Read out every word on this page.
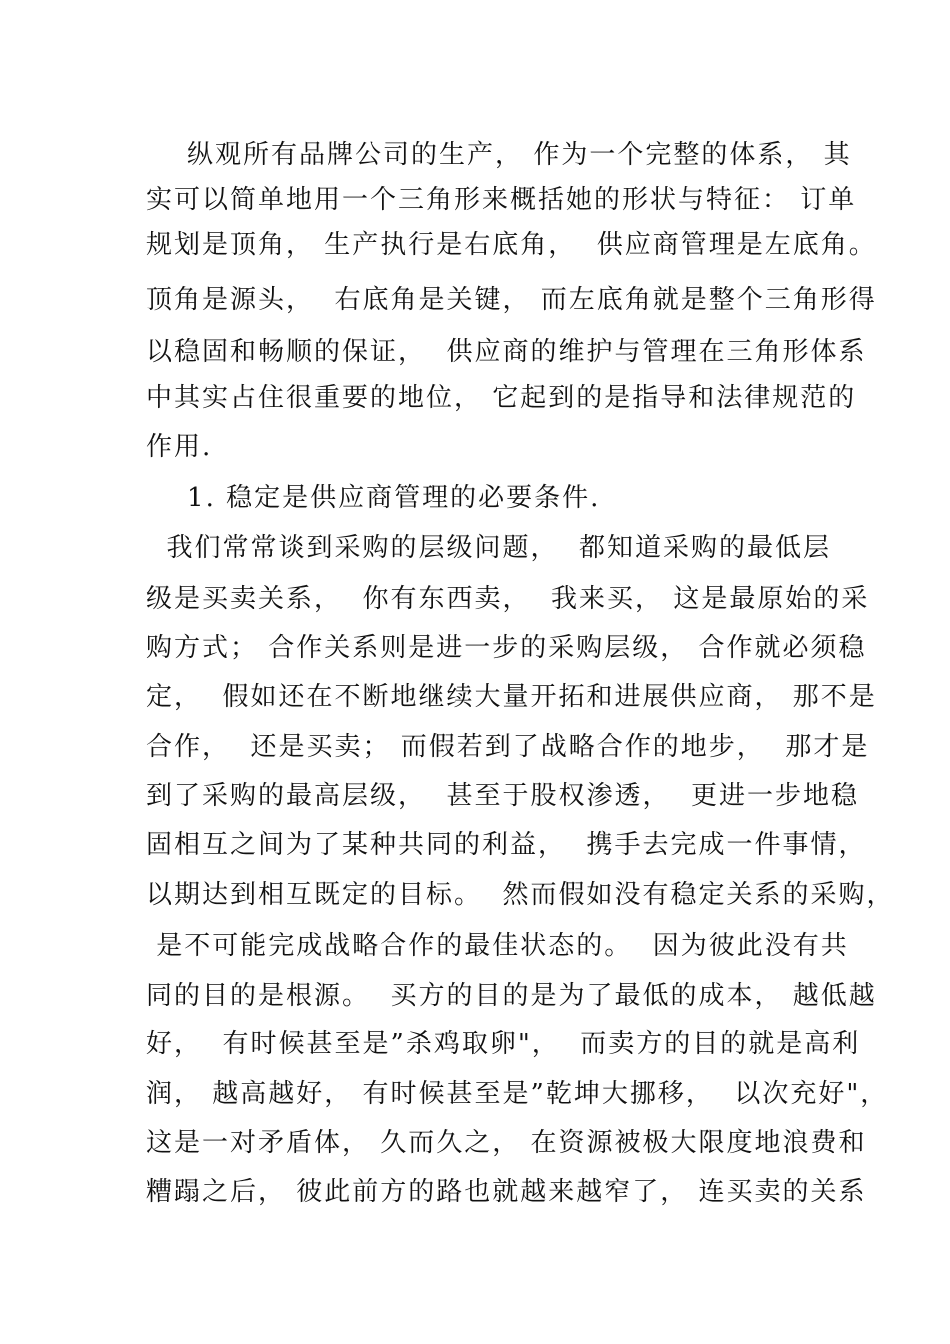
纵观所有品牌公司的生产， 作为一个完整的体系， 其
实可以简单地用一个三角形来概括她的形状与特征： 订单
规划是顶角， 生产执行是右底角，  供应商管理是左底角。
顶角是源头，  右底角是关键， 而左底角就是整个三角形得
以稳固和畅顺的保证，  供应商的维护与管理在三角形体系
中其实占住很重要的地位， 它起到的是指导和法律规范的
作用.
1. 稳定是供应商管理的必要条件.
我们常常谈到采购的层级问题，  都知道采购的最低层
级是买卖关系，  你有东西卖，  我来买， 这是最原始的采
购方式； 合作关系则是进一步的采购层级， 合作就必须稳
定，  假如还在不断地继续大量开拓和进展供应商， 那不是
合作，  还是买卖； 而假若到了战略合作的地步，  那才是
到了采购的最高层级，  甚至于股权渗透，  更进一步地稳
固相互之间为了某种共同的利益，  携手去完成一件事情，
以期达到相互既定的目标。  然而假如没有稳定关系的采购，
是不可能完成战略合作的最佳状态的。  因为彼此没有共
同的目的是根源。  买方的目的是为了最低的成本， 越低越
好，  有时候甚至是”杀鸡取卵"，  而卖方的目的就是高利
润， 越高越好， 有时候甚至是”乾坤大挪移，  以次充好"，
这是一对矛盾体， 久而久之， 在资源被极大限度地浪费和
糟蹋之后， 彼此前方的路也就越来越窄了， 连买卖的关系
